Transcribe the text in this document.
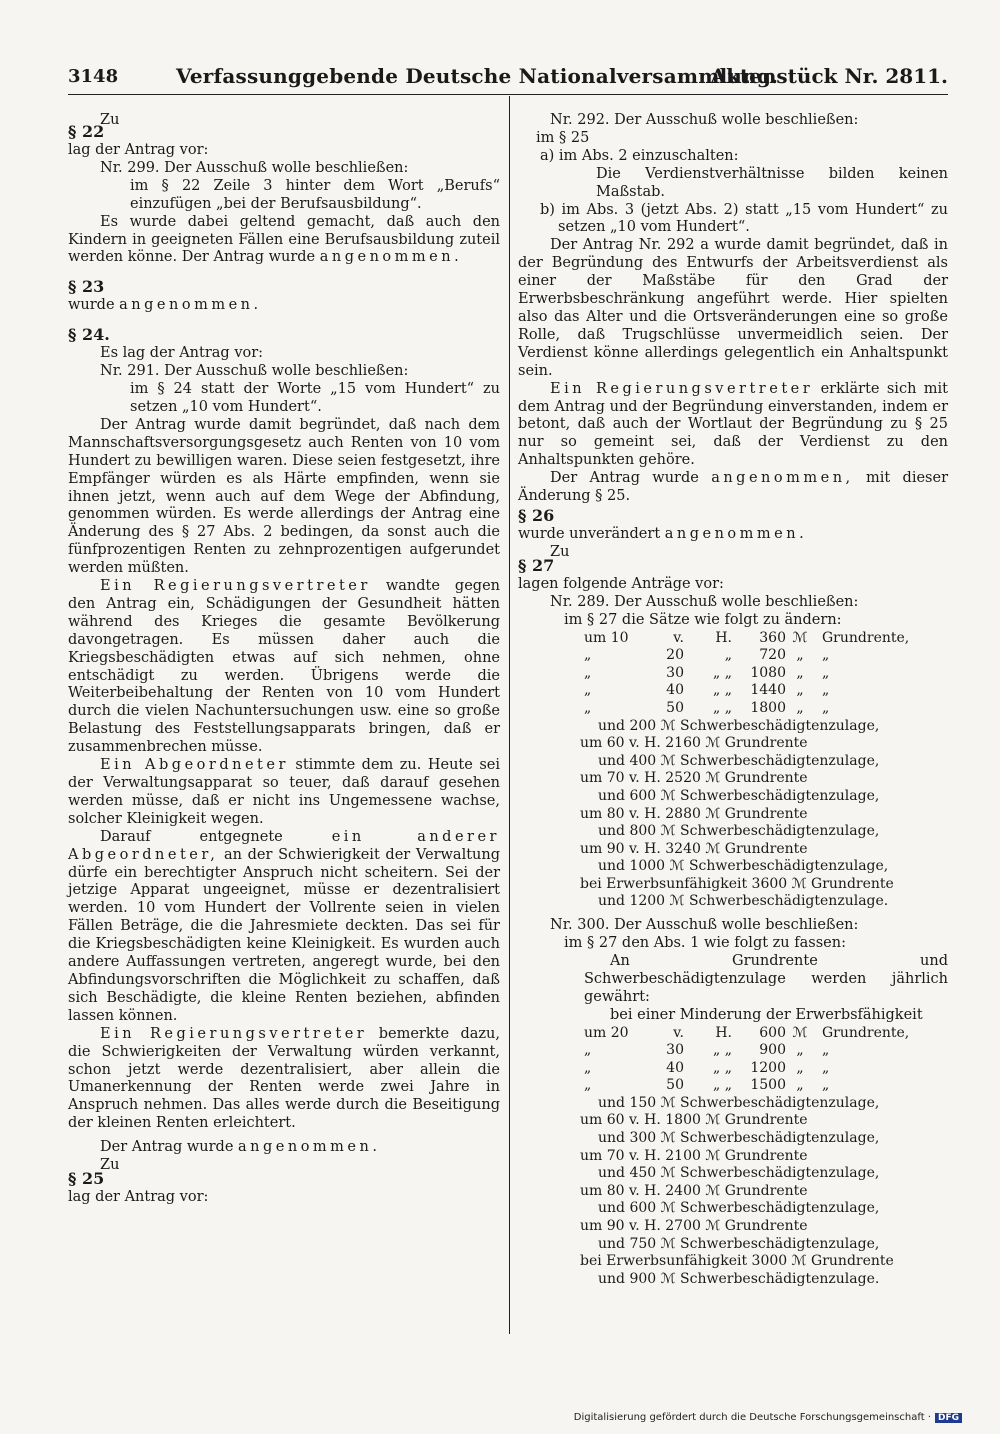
3148	Verfassunggebende Deutsche Nationalversammlung.
Aktenstück Nr. 2811.

Zu

§ 22

lag der Antrag vor:

Nr. 299. Der Ausschuß wolle beschließen:

im § 22 Zeile 3 hinter dem Wort „Berufs“ einzufügen „bei der Berufsausbildung“.

Es wurde dabei geltend gemacht, daß auch den Kindern in geeigneten Fällen eine Berufsausbildung zuteil werden könne. Der Antrag wurde angenommen.

§ 23

wurde angenommen.

§ 24.

Es lag der Antrag vor:

Nr. 291. Der Ausschuß wolle beschließen:

im § 24 statt der Worte „15 vom Hundert“ zu setzen „10 vom Hundert“.

Der Antrag wurde damit begründet, daß nach dem Mannschaftsversorgungsgesetz auch Renten von 10 vom Hundert zu bewilligen waren. Diese seien festgesetzt, ihre Empfänger würden es als Härte empfinden, wenn sie ihnen jetzt, wenn auch auf dem Wege der Abfindung, genommen würden. Es werde allerdings der Antrag eine Änderung des § 27 Abs. 2 bedingen, da sonst auch die fünfprozentigen Renten zu zehnprozentigen aufgerundet werden müßten.

Ein Regierungsvertreter wandte gegen den Antrag ein, Schädigungen der Gesundheit hätten während des Krieges die gesamte Bevölkerung davongetragen. Es müssen daher auch die Kriegsbeschädigten etwas auf sich nehmen, ohne entschädigt zu werden. Übrigens werde die Weiterbeibehaltung der Renten von 10 vom Hundert durch die vielen Nachuntersuchungen usw. eine so große Belastung des Feststellungsapparats bringen, daß er zusammenbrechen müsse.

Ein Abgeordneter stimmte dem zu. Heute sei der Verwaltungsapparat so teuer, daß darauf gesehen werden müsse, daß er nicht ins Ungemessene wachse, solcher Kleinigkeit wegen.

Darauf entgegnete	ein anderer Abgeordneter, an der Schwierigkeit der Verwaltung dürfe ein berechtigter Anspruch nicht scheitern. Sei der jetzige Apparat ungeeignet, müsse er dezentralisiert werden. 10 vom Hundert der Vollrente seien in vielen Fällen Beträge, die die Jahresmiete deckten. Das sei für die Kriegsbeschädigten keine Kleinigkeit. Es wurden auch andere Auffassungen vertreten, angeregt wurde, bei den Abfindungsvorschriften die Möglichkeit zu schaffen, daß sich Beschädigte, die kleine Renten beziehen, abfinden lassen können.

Ein Regierungsvertreter bemerkte dazu, die Schwierigkeiten der Verwaltung würden verkannt, schon jetzt werde dezentralisiert, aber allein die Umanerkennung der Renten werde zwei Jahre in Anspruch nehmen. Das alles werde durch die Beseitigung der kleinen Renten erleichtert.

Der Antrag wurde angenommen.

Zu

§ 25

lag der Antrag vor:

Nr. 292. Der Ausschuß wolle beschließen:

im § 25

a) im Abs. 2 einzuschalten:

Die Verdienstverhältnisse bilden keinen Maßstab.

b) im Abs. 3 (jetzt Abs. 2) statt „15 vom Hundert“ zu setzen „10 vom Hundert“.

Der Antrag Nr. 292 a wurde damit begründet, daß in der Begründung des Entwurfs der Arbeitsverdienst als einer der Maßstäbe für den Grad der Erwerbsbeschränkung angeführt werde. Hier spielten also das Alter und die Ortsveränderungen eine so große Rolle, daß Trugschlüsse unvermeidlich seien. Der Verdienst könne allerdings gelegentlich ein Anhaltspunkt sein.

Ein Regierungsvertreter erklärte sich mit dem Antrag und der Begründung einverstanden, indem er betont, daß auch der Wortlaut der Begründung zu § 25 nur so gemeint sei, daß der Verdienst zu den Anhaltspunkten gehöre.

Der Antrag wurde angenommen, mit dieser Änderung § 25.

§ 26

wurde unverändert angenommen.

Zu

§ 27

lagen folgende Anträge vor:

Nr. 289. Der Ausschuß wolle beschließen:

im § 27 die Sätze wie folgt zu ändern:

um 10	v. H. 360 ℳ Grundrente,
„	20	„ 720 „ „
„	30 „ „ 1080 „ „
„	40 „ „ 1440 „ „
„	50 „ „ 1800 „ „
und 200 ℳ Schwerbeschädigtenzulage,
um 60 v. H. 2160 ℳ Grundrente
und 400 ℳ Schwerbeschädigtenzulage,
um 70 v. H. 2520 ℳ Grundrente
und 600 ℳ Schwerbeschädigtenzulage,
um 80 v. H. 2880 ℳ Grundrente
und 800 ℳ Schwerbeschädigtenzulage,
um 90 v. H. 3240 ℳ Grundrente
und 1000 ℳ Schwerbeschädigtenzulage,
bei Erwerbsunfähigkeit 3600 ℳ Grundrente
und 1200 ℳ Schwerbeschädigtenzulage.

Nr. 300. Der Ausschuß wolle beschließen:

im § 27 den Abs. 1 wie folgt zu fassen:

An Grundrente und Schwerbeschädigtenzulage werden jährlich gewährt:

bei einer Minderung der Erwerbsfähigkeit

um 20	v. H. 600 ℳ Grundrente,
„	30 „ „ 900 „ „
„	40 „ „ 1200 „ „
„	50 „ „ 1500 „ „
und 150 ℳ Schwerbeschädigtenzulage,
um 60 v. H. 1800 ℳ Grundrente
und 300 ℳ Schwerbeschädigtenzulage,
um 70 v. H. 2100 ℳ Grundrente
und 450 ℳ Schwerbeschädigtenzulage,
um 80 v. H. 2400 ℳ Grundrente
und 600 ℳ Schwerbeschädigtenzulage,
um 90 v. H. 2700 ℳ Grundrente
und 750 ℳ Schwerbeschädigtenzulage,
bei Erwerbsunfähigkeit 3000 ℳ Grundrente
und 900 ℳ Schwerbeschädigtenzulage.
Digitalisierung gefördert durch die Deutsche Forschungsgemeinschaft · DFG
